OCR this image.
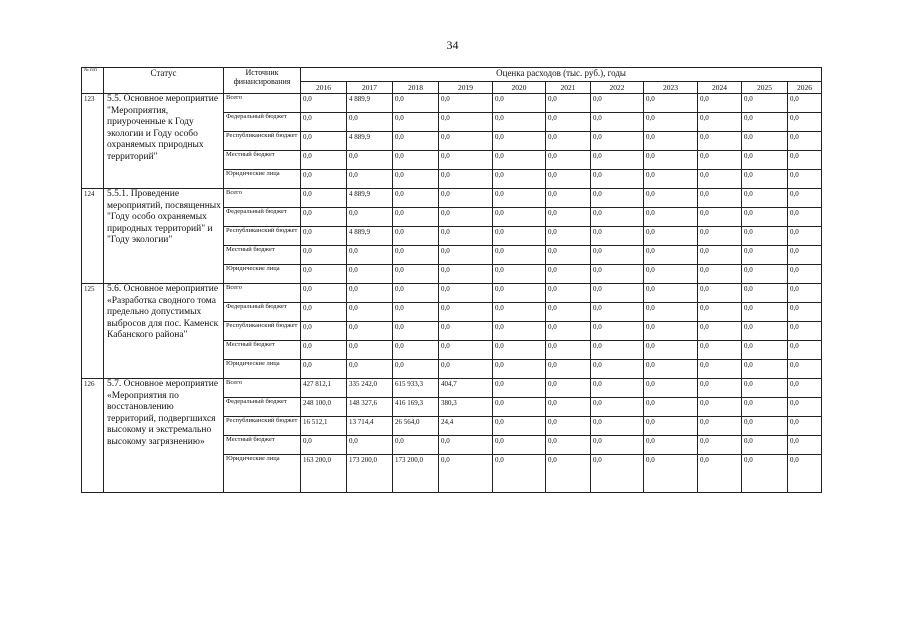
34
№ п/п	Статус	Источник финансирования	Оценка расходов (тыс. руб.), годы										
			2016	2017	2018	2019	2020	2021	2022	2023	2024	2025	2026
123	5.5. Основное мероприятие "Мероприятия, приуроченные к Году экологии и Году особо охраняемых природных территорий"	Всего	0,0	4 889,9	0,0	0,0	0,0	0,0	0,0	0,0	0,0	0,0	0,0
		Федеральный бюджет	0,0	0,0	0,0	0,0	0,0	0,0	0,0	0,0	0,0	0,0	0,0
		Республиканский бюджет	0,0	4 889,9	0,0	0,0	0,0	0,0	0,0	0,0	0,0	0,0	0,0
		Местный бюджет	0,0	0,0	0,0	0,0	0,0	0,0	0,0	0,0	0,0	0,0	0,0
		Юридические лица	0,0	0,0	0,0	0,0	0,0	0,0	0,0	0,0	0,0	0,0	0,0
124	5.5.1. Проведение мероприятий, посвященных "Году особо охраняемых природных территорий" и "Году экологии"	Всего	0,0	4 889,9	0,0	0,0	0,0	0,0	0,0	0,0	0,0	0,0	0,0
		Федеральный бюджет	0,0	0,0	0,0	0,0	0,0	0,0	0,0	0,0	0,0	0,0	0,0
		Республиканский бюджет	0,0	4 889,9	0,0	0,0	0,0	0,0	0,0	0,0	0,0	0,0	0,0
		Местный бюджет	0,0	0,0	0,0	0,0	0,0	0,0	0,0	0,0	0,0	0,0	0,0
		Юридические лица	0,0	0,0	0,0	0,0	0,0	0,0	0,0	0,0	0,0	0,0	0,0
125	5.6. Основное мероприятие «Разработка сводного тома предельно допустимых выбросов для пос. Каменск Кабанского района"	Всего	0,0	0,0	0,0	0,0	0,0	0,0	0,0	0,0	0,0	0,0	0,0
		Федеральный бюджет	0,0	0,0	0,0	0,0	0,0	0,0	0,0	0,0	0,0	0,0	0,0
		Республиканский бюджет	0,0	0,0	0,0	0,0	0,0	0,0	0,0	0,0	0,0	0,0	0,0
		Местный бюджет	0,0	0,0	0,0	0,0	0,0	0,0	0,0	0,0	0,0	0,0	0,0
		Юридические лица	0,0	0,0	0,0	0,0	0,0	0,0	0,0	0,0	0,0	0,0	0,0
126	5.7. Основное мероприятие «Мероприятия по восстановлению территорий, подвергшихся высокому и экстремально высокому загрязнению»	Всего	427 812,1	335 242,0	615 933,3	404,7	0,0	0,0	0,0	0,0	0,0	0,0	0,0
		Федеральный бюджет	248 100,0	148 327,6	416 169,3	380,3	0,0	0,0	0,0	0,0	0,0	0,0	0,0
		Республиканский бюджет	16 512,1	13 714,4	26 564,0	24,4	0,0	0,0	0,0	0,0	0,0	0,0	0,0
		Местный бюджет	0,0	0,0	0,0	0,0	0,0	0,0	0,0	0,0	0,0	0,0	0,0
		Юридические лица	163 200,0	173 200,0	173 200,0	0,0	0,0	0,0	0,0	0,0	0,0	0,0	0,0
